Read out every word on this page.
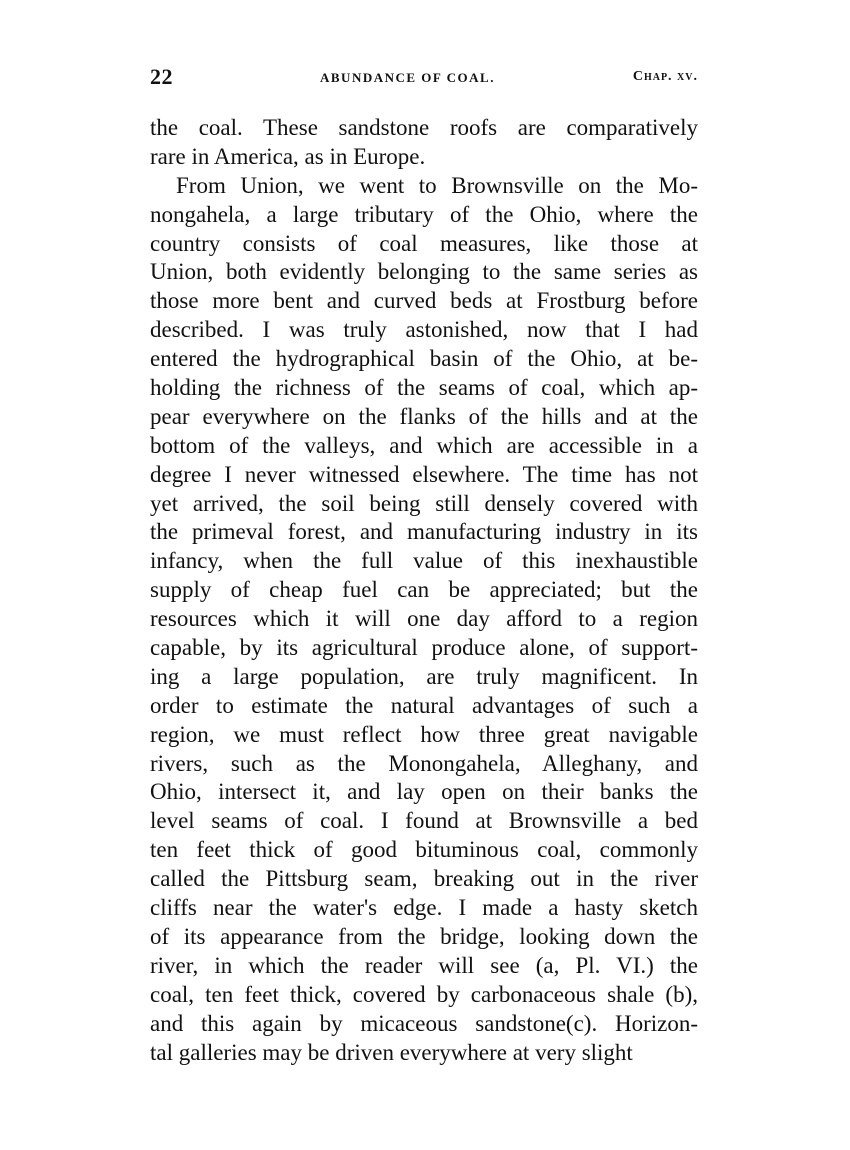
22	ABUNDANCE OF COAL.	Chap. xv.

the coal. These sandstone roofs are comparatively
rare in America, as in Europe.

From Union, we went to Brownsville on the Mo-
nongahela, a large tributary of the Ohio, where the
country consists of coal measures, like those at
Union, both evidently belonging to the same series as
those more bent and curved beds at Frostburg before
described. I was truly astonished, now that I had
entered the hydrographical basin of the Ohio, at be-
holding the richness of the seams of coal, which ap-
pear everywhere on the flanks of the hills and at the
bottom of the valleys, and which are accessible in a
degree I never witnessed elsewhere. The time has not
yet arrived, the soil being still densely covered with
the primeval forest, and manufacturing industry in its
infancy, when the full value of this inexhaustible
supply of cheap fuel can be appreciated; but the
resources which it will one day afford to a region
capable, by its agricultural produce alone, of support-
ing a large population, are truly magnificent. In
order to estimate the natural advantages of such a
region, we must reflect how three great navigable
rivers, such as the Monongahela, Alleghany, and
Ohio, intersect it, and lay open on their banks the
level seams of coal. I found at Brownsville a bed
ten feet thick of good bituminous coal, commonly
called the Pittsburg seam, breaking out in the river
cliffs near the water's edge. I made a hasty sketch
of its appearance from the bridge, looking down the
river, in which the reader will see (a, Pl. VI.) the
coal, ten feet thick, covered by carbonaceous shale (b),
and this again by micaceous sandstone(c). Horizon-
tal galleries may be driven everywhere at very slight
